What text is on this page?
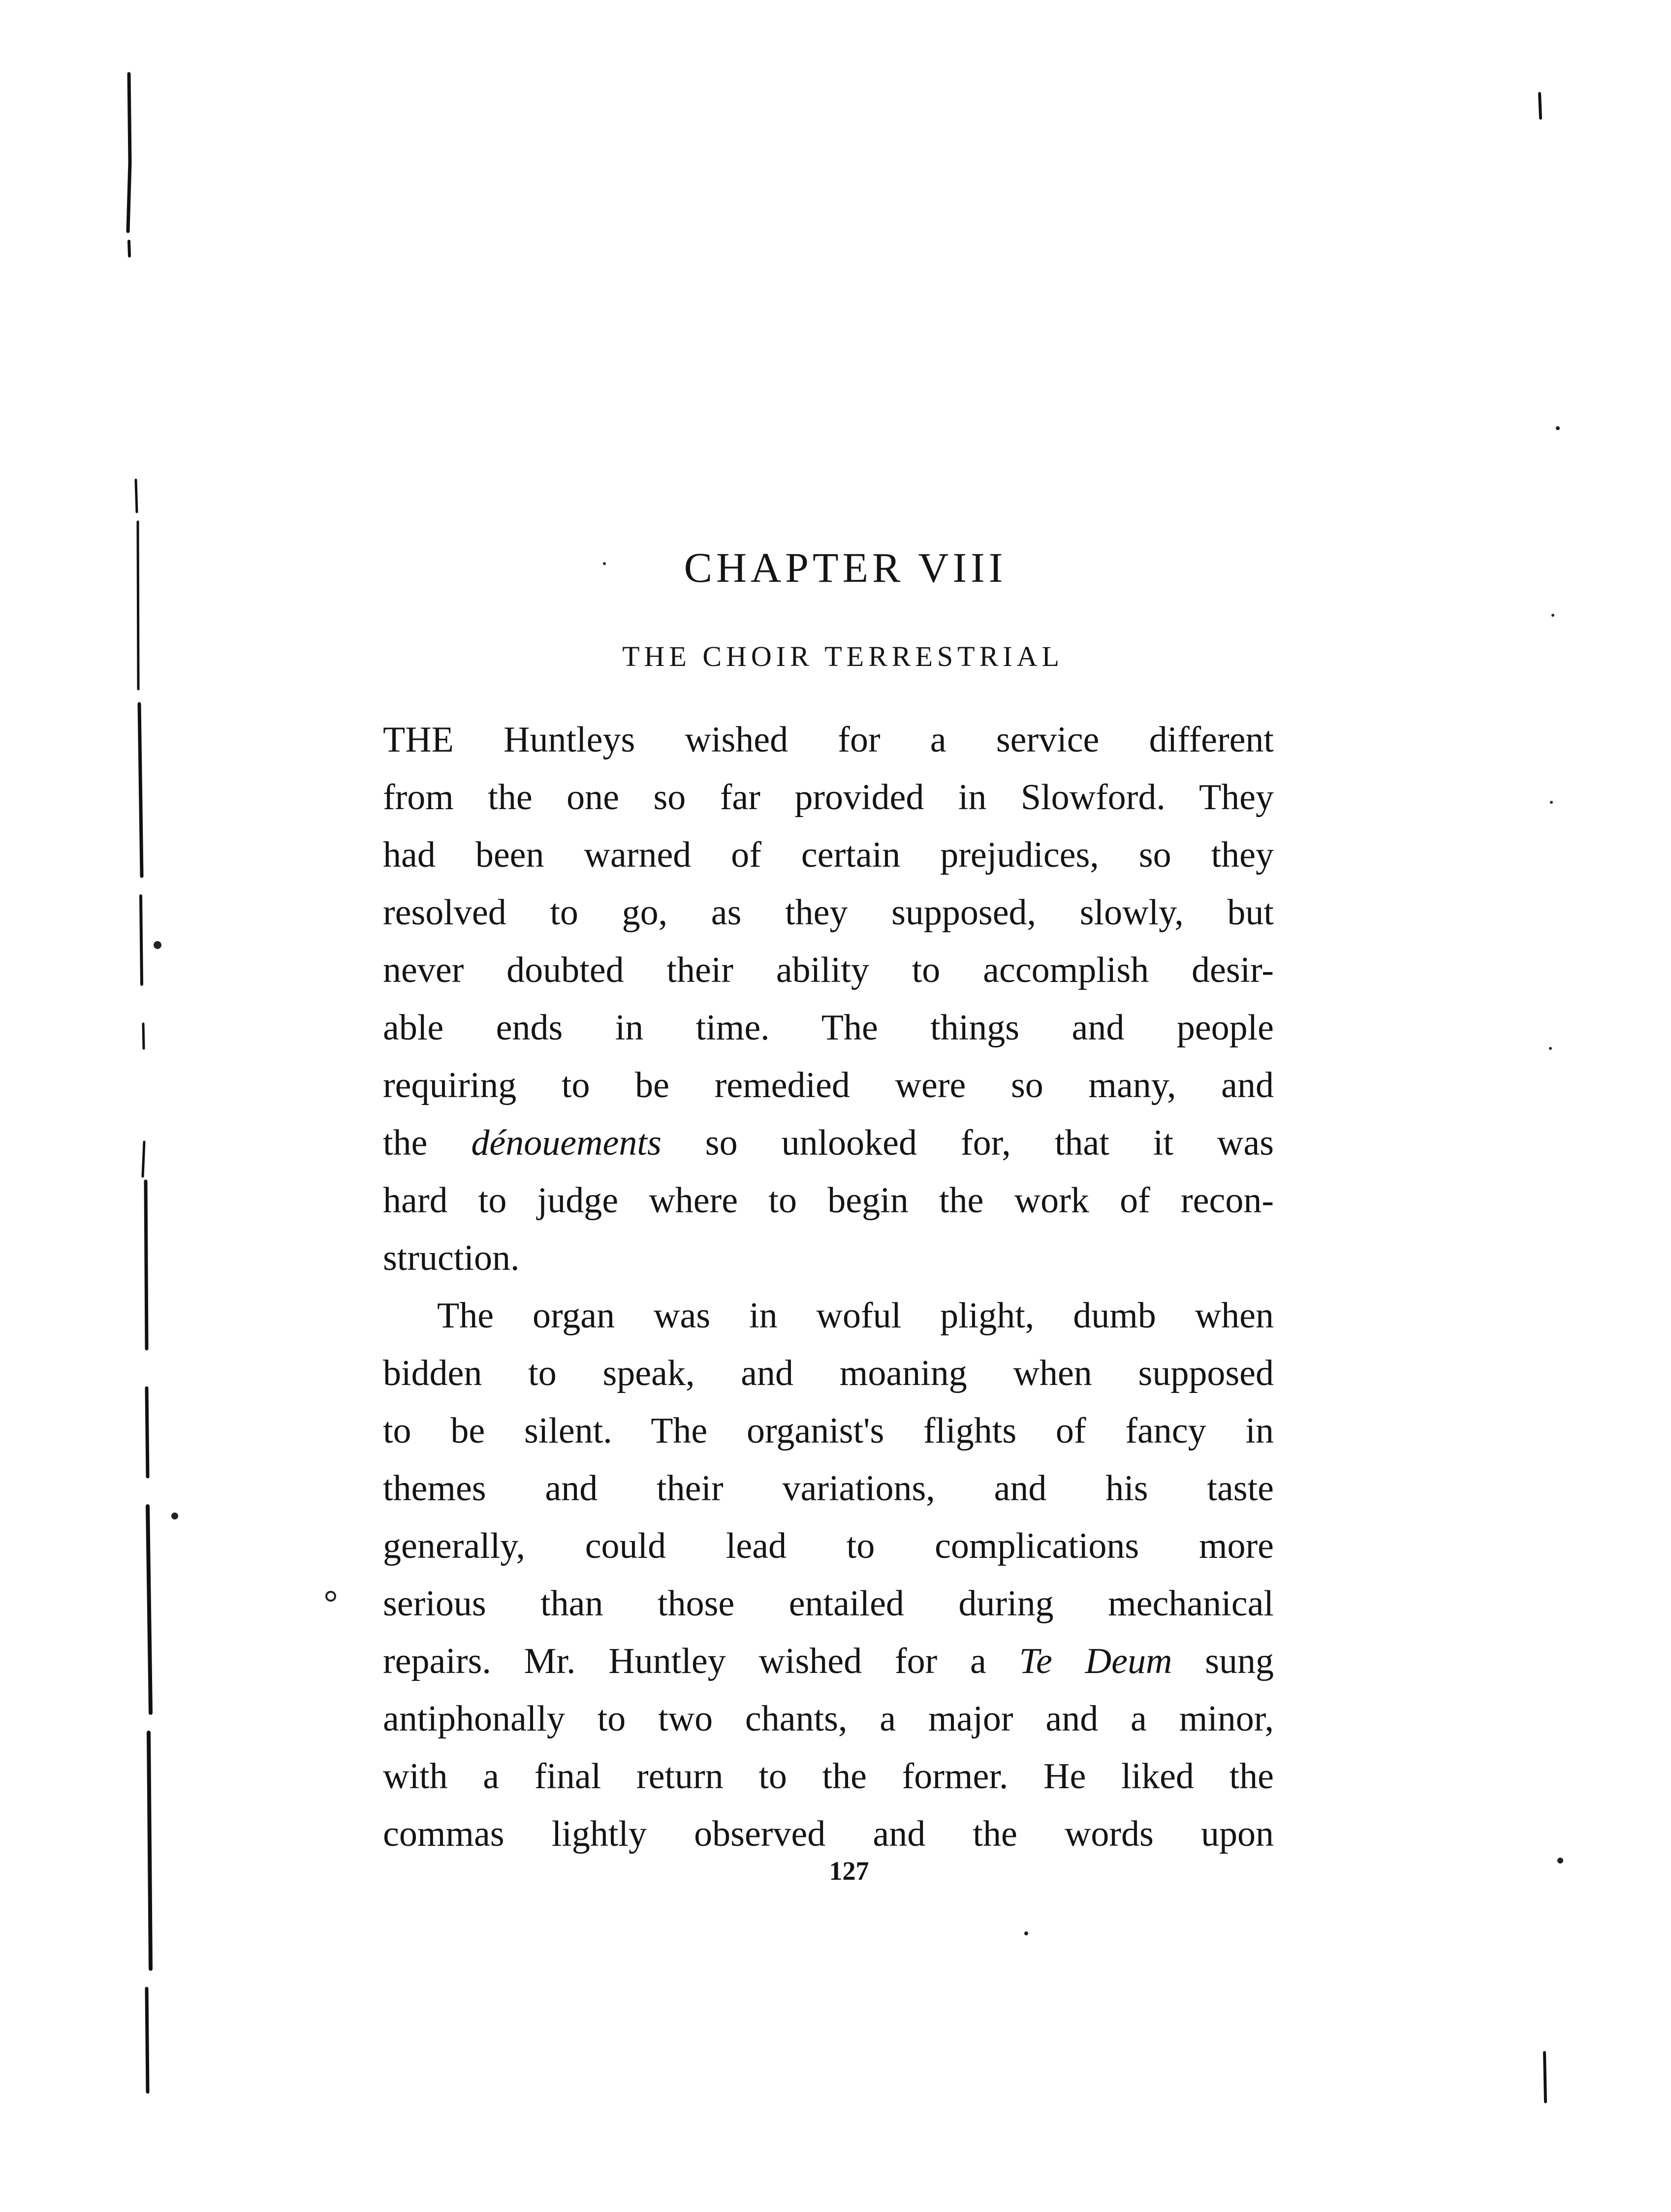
CHAPTER VIII
THE CHOIR TERRESTRIAL
THE Huntleys wished for a service different
from the one so far provided in Slowford. They
had been warned of certain prejudices, so they
resolved to go, as they supposed, slowly, but
never doubted their ability to accomplish desir-
able ends in time. The things and people
requiring to be remedied were so many, and
the dénouements so unlooked for, that it was
hard to judge where to begin the work of recon-
struction.
The organ was in woful plight, dumb when
bidden to speak, and moaning when supposed
to be silent. The organist's flights of fancy in
themes and their variations, and his taste
generally, could lead to complications more
serious than those entailed during mechanical
repairs. Mr. Huntley wished for a Te Deum sung
antiphonally to two chants, a major and a minor,
with a final return to the former. He liked the
commas lightly observed and the words upon
127
